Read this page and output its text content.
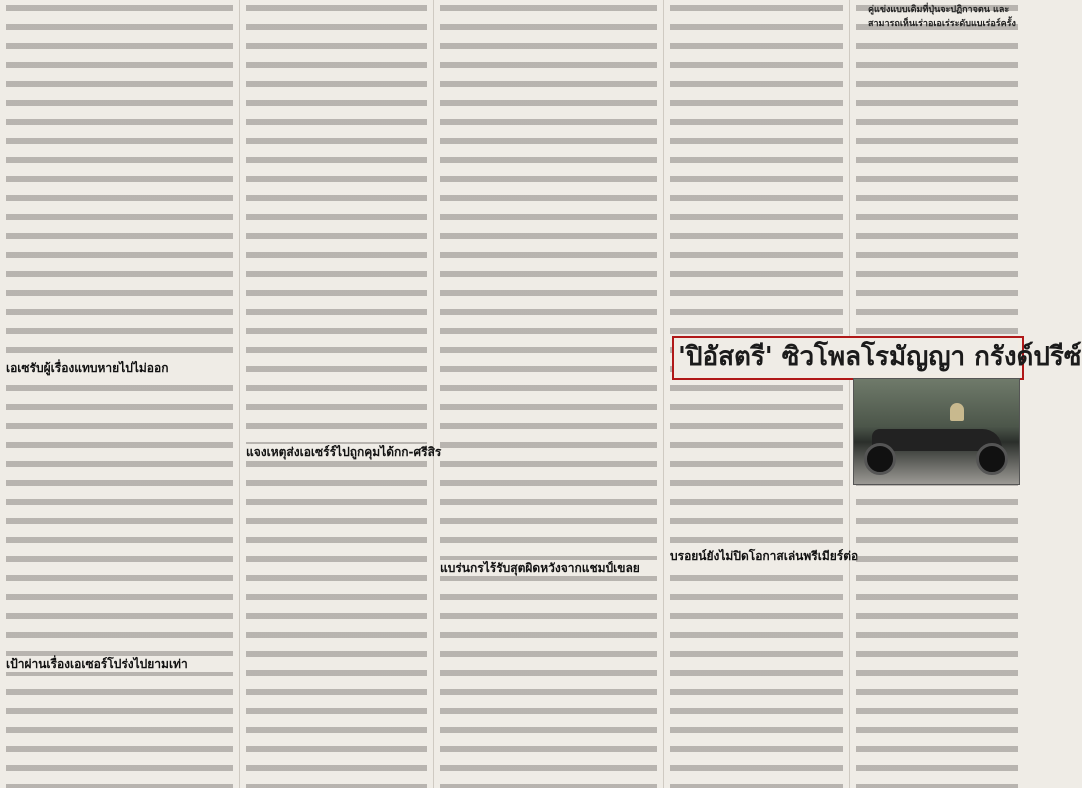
เอเซรับผู้เรื่องแทบหายไปไม่ออก
เป้าผ่านเรื่องเอเซอร์โปร่งไปยามเท่า
แจงเหตุส่งเอเซร์ร์ไปถูกคุมได้กก-ศรีสิร
แบร่นกรไร้รับสุตผิดหวังจากแชมป์เขลย
บรอยน์ยังไม่ปิดโอกาสเล่นพรีเมียร์ต่อ
'ปิอัสตรี' ซิวโพลโรมัญญา กรังด์ปรีซ์
คู่แข่งแบบเดิมที่ปุ่นจะปฏิกาจตน และ สามารถเห็นเร่าอเอเร่ระดับแบเร่อร์ครั้ง
